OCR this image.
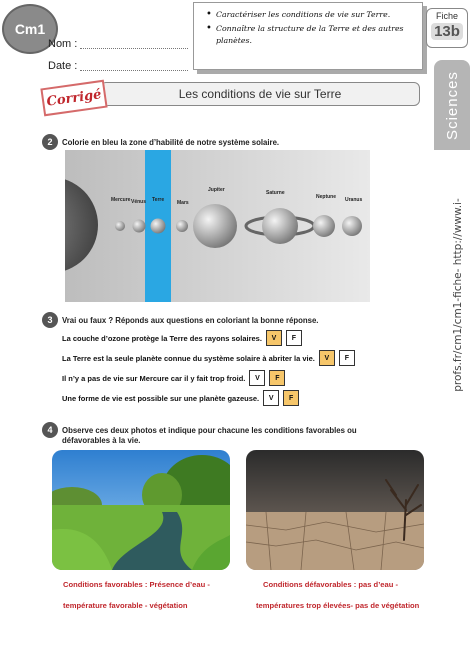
Cm1
Nom :
Date :
• Caractériser les conditions de vie sur Terre.
• Connaître la structure de la Terre et des autres planètes.
Fiche
13b
Sciences
profs.fr/cm1/cm1-fiche- http://www.i-
Les conditions de vie sur Terre
Corrigé
2	Colorie en bleu la zone d’habilité de notre système solaire.
Mercure Vénus Terre	Mars
Jupiter	Saturne
Neptune Uranus
3	Vrai ou faux ? Réponds aux questions en coloriant la bonne réponse.
La couche d’ozone protège la Terre des rayons solaires.	V	F
La Terre est la seule planète connue du système solaire à abriter la vie.	V	F
Il n’y a pas de vie sur Mercure car il y fait trop froid.	V	F
Une forme de vie est possible sur une planète gazeuse.	V	F
4	Observe ces deux photos et indique pour chacune les conditions favorables ou défavorables à la vie.
Conditions favorables : Présence d’eau -
température favorable - végétation
Conditions défavorables : pas d’eau -
températures trop élevées- pas de végétation
